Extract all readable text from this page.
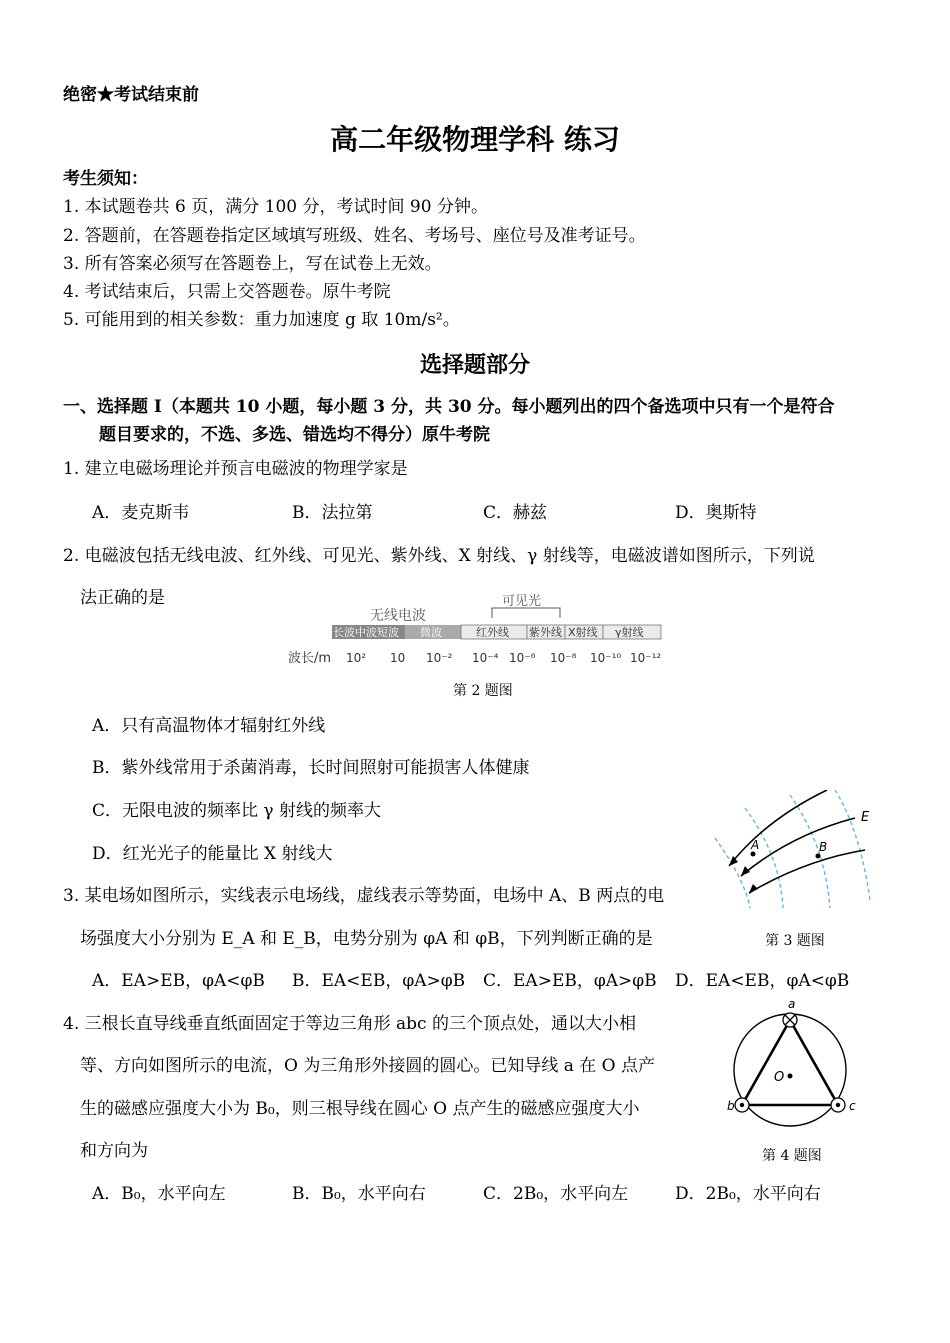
绝密★考试结束前
高二年级物理学科 练习
考生须知：
1. 本试题卷共 6 页，满分 100 分，考试时间 90 分钟。
2. 答题前，在答题卷指定区域填写班级、姓名、考场号、座位号及准考证号。
3. 所有答案必须写在答题卷上，写在试卷上无效。
4. 考试结束后，只需上交答题卷。原牛考院
5. 可能用到的相关参数：重力加速度 g 取 10m/s²。
选择题部分
一、选择题 I（本题共 10 小题，每小题 3 分，共 30 分。每小题列出的四个备选项中只有一个是符合
题目要求的，不选、多选、错选均不得分）原牛考院
1. 建立电磁场理论并预言电磁波的物理学家是
A．麦克斯韦	B．法拉第	C．赫兹	D．奥斯特
2. 电磁波包括无线电波、红外线、可见光、紫外线、X 射线、γ 射线等，电磁波谱如图所示，下列说
法正确的是
无线电波
可见光
长波 中波 短波 微波	红外线 紫外线 X射线 γ射线
波长/m 10² 10 10⁻² 10⁻⁴ 10⁻⁶ 10⁻⁸ 10⁻¹⁰ 10⁻¹²
第 2 题图
A．只有高温物体才辐射红外线
B．紫外线常用于杀菌消毒，长时间照射可能损害人体健康
C．无限电波的频率比 γ 射线的频率大
D．红光光子的能量比 X 射线大	A	B
E
3. 某电场如图所示，实线表示电场线，虚线表示等势面，电场中 A、B 两点的电
场强度大小分别为 E_A 和 E_B，电势分别为 φA 和 φB，下列判断正确的是	第 3 题图
A．EA>EB，φA<φB B．EA<EB，φA>φB C．EA>EB，φA>φB D．EA<EB，φA<φB
4. 三根长直导线垂直纸面固定于等边三角形 abc 的三个顶点处，通以大小相
等、方向如图所示的电流，O 为三角形外接圆的圆心。已知导线 a 在 O 点产
生的磁感应强度大小为 B₀，则三根导线在圆心 O 点产生的磁感应强度大小
和方向为
a
b	c
O
第 4 题图
A．B₀，水平向左	B．B₀，水平向右	C．2B₀，水平向左	D．2B₀，水平向右
